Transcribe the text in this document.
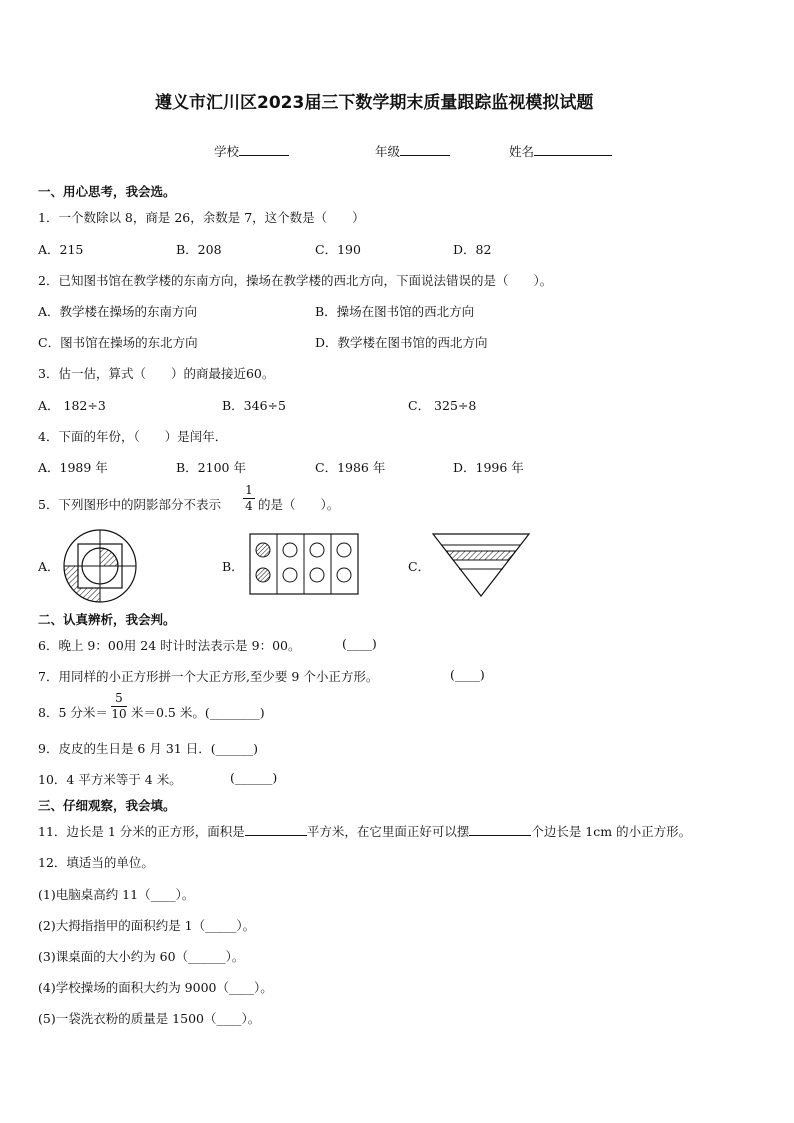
遵义市汇川区2023届三下数学期末质量跟踪监视模拟试题
学校	年级	姓名
一、用心思考，我会选。
1．一个数除以 8，商是 26，余数是 7，这个数是（　　）
A．215	B．208	C．190	D．82
2．已知图书馆在教学楼的东南方向，操场在教学楼的西北方向，下面说法错误的是（　　）。
A．教学楼在操场的东南方向	B．操场在图书馆的西北方向
C．图书馆在操场的东北方向	D．教学楼在图书馆的西北方向
3．估一估，算式（　　）的商最接近60。
A． 182÷3	B．346÷5	C． 325÷8
4．下面的年份，（　　）是闰年．
A．1989 年	B．2100 年	C．1986 年	D．1996 年
5．下列图形中的阴影部分不表示
1
4 的是（　　）。
A．	B．	C．
二、认真辨析，我会判。
6．晚上 9：00用 24 时计时法表示是 9：00。	(____)
7．用同样的小正方形拼一个大正方形,至少要 9 个小正方形。	(____)
8．5 分米＝
5
10 米＝0.5 米。(________)
9．皮皮的生日是 6 月 31 日．(______)
10．4 平方米等于 4 米。	(______)
三、仔细观察，我会填。
11．边长是 1 分米的正方形，面积是	平方米，在它里面正好可以摆	个边长是 1cm 的小正方形。
12．填适当的单位。
(1)电脑桌高约 11（____）。
(2)大拇指指甲的面积约是 1（_____）。
(3)课桌面的大小约为 60（______）。
(4)学校操场的面积大约为 9000（____）。
(5)一袋洗衣粉的质量是 1500（____）。
